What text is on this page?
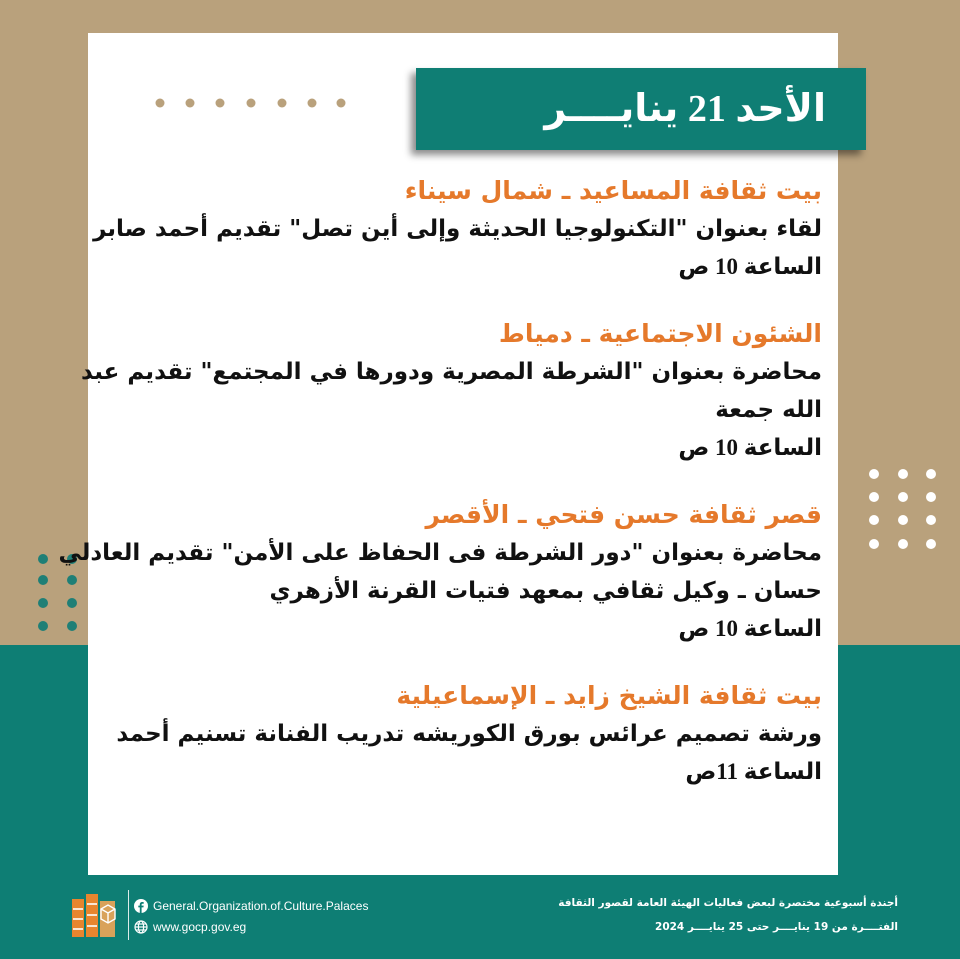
الأحد 21 ينايــــر
بيت ثقافة المساعيد ـ شمال سيناء
لقاء بعنوان "التكنولوجيا الحديثة وإلى أين تصل" تقديم أحمد صابر
الساعة 10 ص
الشئون الاجتماعية ـ دمياط
محاضرة بعنوان "الشرطة المصرية ودورها في المجتمع" تقديم عبد
الله جمعة
الساعة 10 ص
قصر ثقافة حسن فتحي ـ الأقصر
محاضرة بعنوان "دور الشرطة فى الحفاظ على الأمن" تقديم العادلي
حسان ـ وكيل ثقافي بمعهد فتيات القرنة الأزهري
الساعة 10 ص
بيت ثقافة الشيخ زايد ـ الإسماعيلية
ورشة تصميم عرائس بورق الكوريشه تدريب الفنانة تسنيم أحمد
الساعة 11ص
General.Organization.of.Culture.Palaces
www.gocp.gov.eg
أجندة أسبوعية مختصرة لبعض فعاليات الهيئة العامة لقصور الثقافة
الفتــــرة من 19 ينايــــر حتى 25 ينايــــر 2024
